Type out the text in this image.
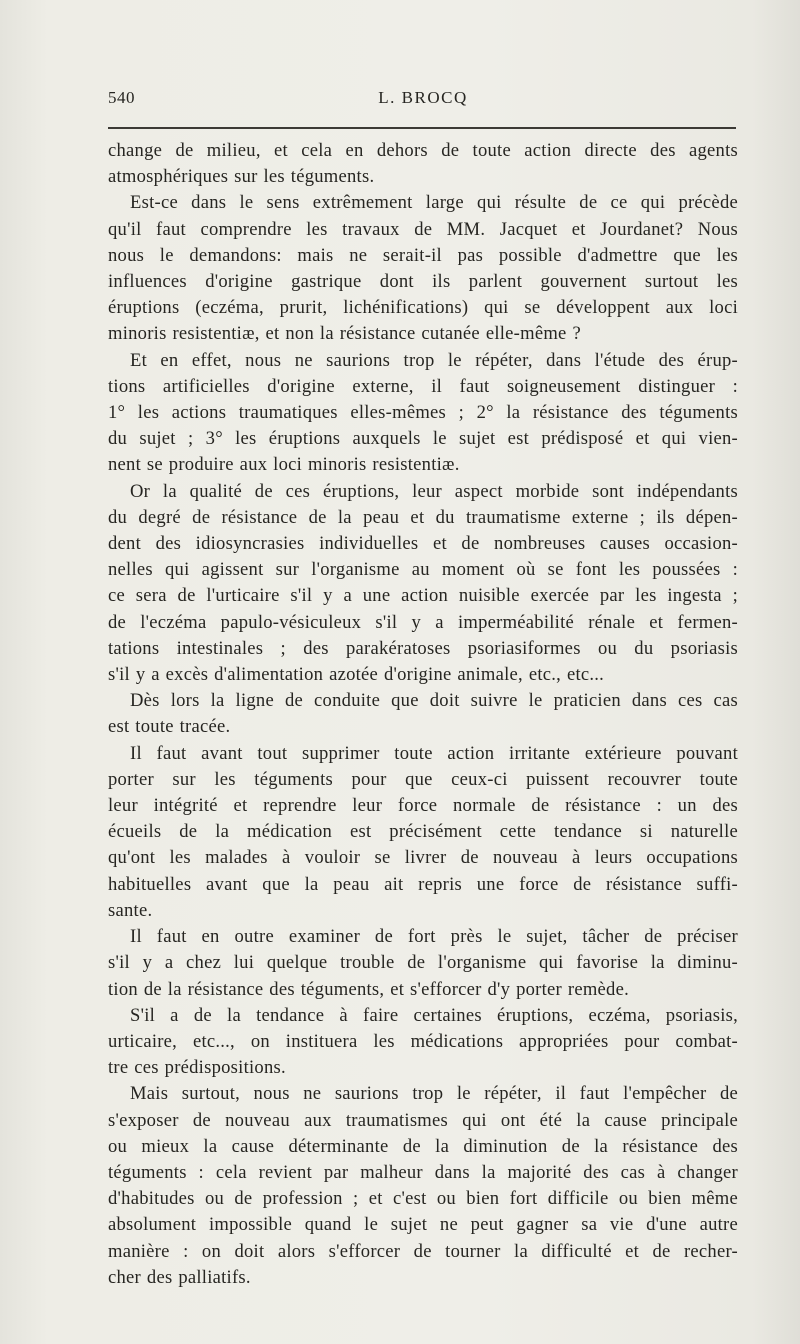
540	L. BROCQ
change de milieu, et cela en dehors de toute action directe des agents
atmosphériques sur les téguments.
Est-ce dans le sens extrêmement large qui résulte de ce qui précède
qu'il faut comprendre les travaux de MM. Jacquet et Jourdanet? Nous
nous le demandons: mais ne serait-il pas possible d'admettre que les
influences d'origine gastrique dont ils parlent gouvernent surtout les
éruptions (eczéma, prurit, lichénifications) qui se développent aux loci
minoris resistentiæ, et non la résistance cutanée elle-même ?
Et en effet, nous ne saurions trop le répéter, dans l'étude des érup-
tions artificielles d'origine externe, il faut soigneusement distinguer :
1° les actions traumatiques elles-mêmes ; 2° la résistance des téguments
du sujet ; 3° les éruptions auxquels le sujet est prédisposé et qui vien-
nent se produire aux loci minoris resistentiæ.
Or la qualité de ces éruptions, leur aspect morbide sont indépendants
du degré de résistance de la peau et du traumatisme externe ; ils dépen-
dent des idiosyncrasies individuelles et de nombreuses causes occasion-
nelles qui agissent sur l'organisme au moment où se font les poussées :
ce sera de l'urticaire s'il y a une action nuisible exercée par les ingesta ;
de l'eczéma papulo-vésiculeux s'il y a imperméabilité rénale et fermen-
tations intestinales ; des parakératoses psoriasiformes ou du psoriasis
s'il y a excès d'alimentation azotée d'origine animale, etc., etc...
Dès lors la ligne de conduite que doit suivre le praticien dans ces cas
est toute tracée.
Il faut avant tout supprimer toute action irritante extérieure pouvant
porter sur les téguments pour que ceux-ci puissent recouvrer toute
leur intégrité et reprendre leur force normale de résistance : un des
écueils de la médication est précisément cette tendance si naturelle
qu'ont les malades à vouloir se livrer de nouveau à leurs occupations
habituelles avant que la peau ait repris une force de résistance suffi-
sante.
Il faut en outre examiner de fort près le sujet, tâcher de préciser
s'il y a chez lui quelque trouble de l'organisme qui favorise la diminu-
tion de la résistance des téguments, et s'efforcer d'y porter remède.
S'il a de la tendance à faire certaines éruptions, eczéma, psoriasis,
urticaire, etc..., on instituera les médications appropriées pour combat-
tre ces prédispositions.
Mais surtout, nous ne saurions trop le répéter, il faut l'empêcher de
s'exposer de nouveau aux traumatismes qui ont été la cause principale
ou mieux la cause déterminante de la diminution de la résistance des
téguments : cela revient par malheur dans la majorité des cas à changer
d'habitudes ou de profession ; et c'est ou bien fort difficile ou bien même
absolument impossible quand le sujet ne peut gagner sa vie d'une autre
manière : on doit alors s'efforcer de tourner la difficulté et de recher-
cher des palliatifs.
